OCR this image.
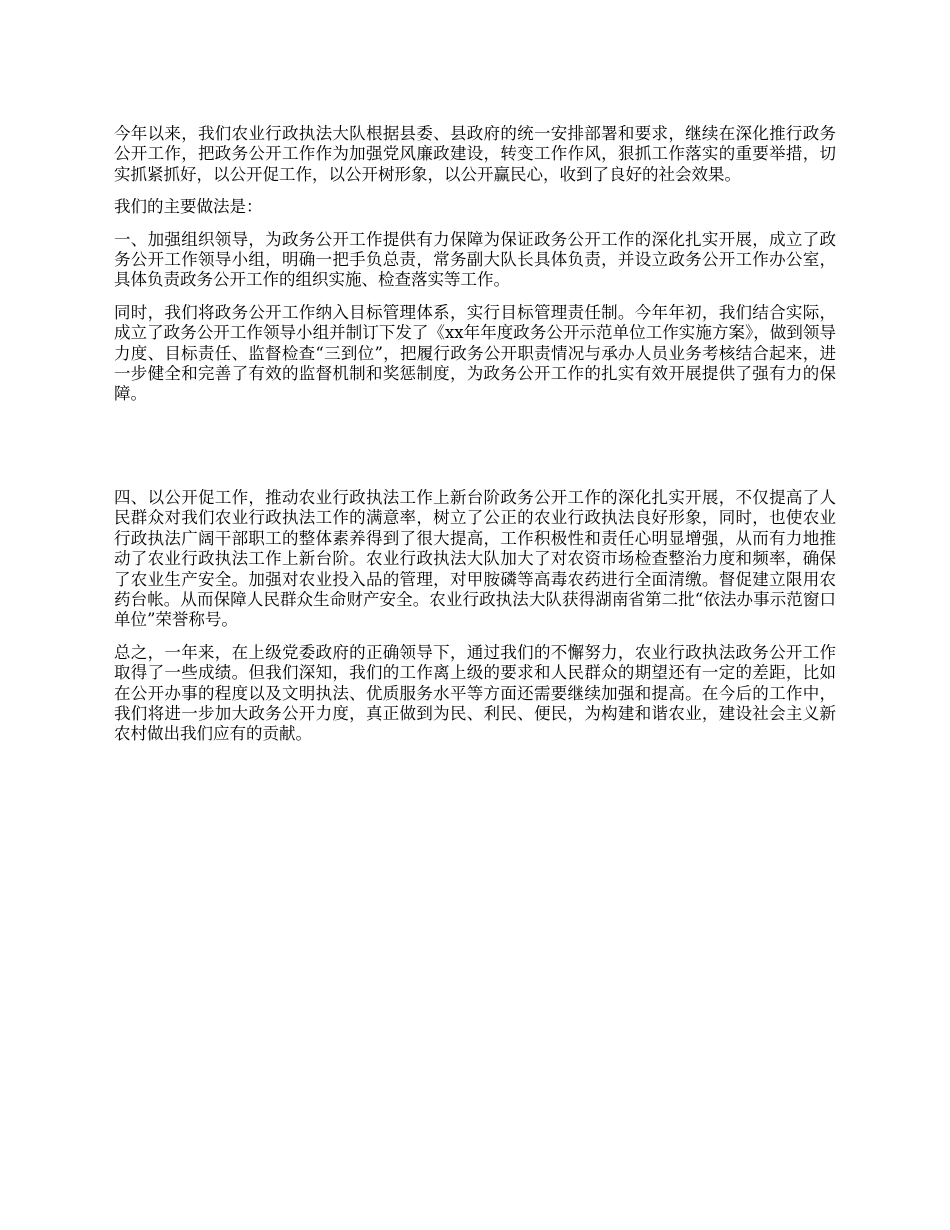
今年以来，我们农业行政执法大队根据县委、县政府的统一安排部署和要求，继续在深化推行政务公开工作，把政务公开工作作为加强党风廉政建设，转变工作作风，狠抓工作落实的重要举措，切实抓紧抓好，以公开促工作，以公开树形象，以公开赢民心，收到了良好的社会效果。

我们的主要做法是：

一、加强组织领导，为政务公开工作提供有力保障为保证政务公开工作的深化扎实开展，成立了政务公开工作领导小组，明确一把手负总责，常务副大队长具体负责，并设立政务公开工作办公室，具体负责政务公开工作的组织实施、检查落实等工作。

同时，我们将政务公开工作纳入目标管理体系，实行目标管理责任制。今年年初，我们结合实际，成立了政务公开工作领导小组并制订下发了《xx年年度政务公开示范单位工作实施方案》，做到领导力度、目标责任、监督检查“三到位”，把履行政务公开职责情况与承办人员业务考核结合起来，进一步健全和完善了有效的监督机制和奖惩制度，为政务公开工作的扎实有效开展提供了强有力的保障。

四、以公开促工作，推动农业行政执法工作上新台阶政务公开工作的深化扎实开展，不仅提高了人民群众对我们农业行政执法工作的满意率，树立了公正的农业行政执法良好形象，同时，也使农业行政执法广阔干部职工的整体素养得到了很大提高，工作积极性和责任心明显增强，从而有力地推动了农业行政执法工作上新台阶。农业行政执法大队加大了对农资市场检查整治力度和频率，确保了农业生产安全。加强对农业投入品的管理，对甲胺磷等高毒农药进行全面清缴。督促建立限用农药台帐。从而保障人民群众生命财产安全。农业行政执法大队获得湖南省第二批“依法办事示范窗口单位”荣誉称号。

总之，一年来，在上级党委政府的正确领导下，通过我们的不懈努力，农业行政执法政务公开工作取得了一些成绩。但我们深知，我们的工作离上级的要求和人民群众的期望还有一定的差距，比如在公开办事的程度以及文明执法、优质服务水平等方面还需要继续加强和提高。在今后的工作中，我们将进一步加大政务公开力度，真正做到为民、利民、便民，为构建和谐农业，建设社会主义新农村做出我们应有的贡献。
